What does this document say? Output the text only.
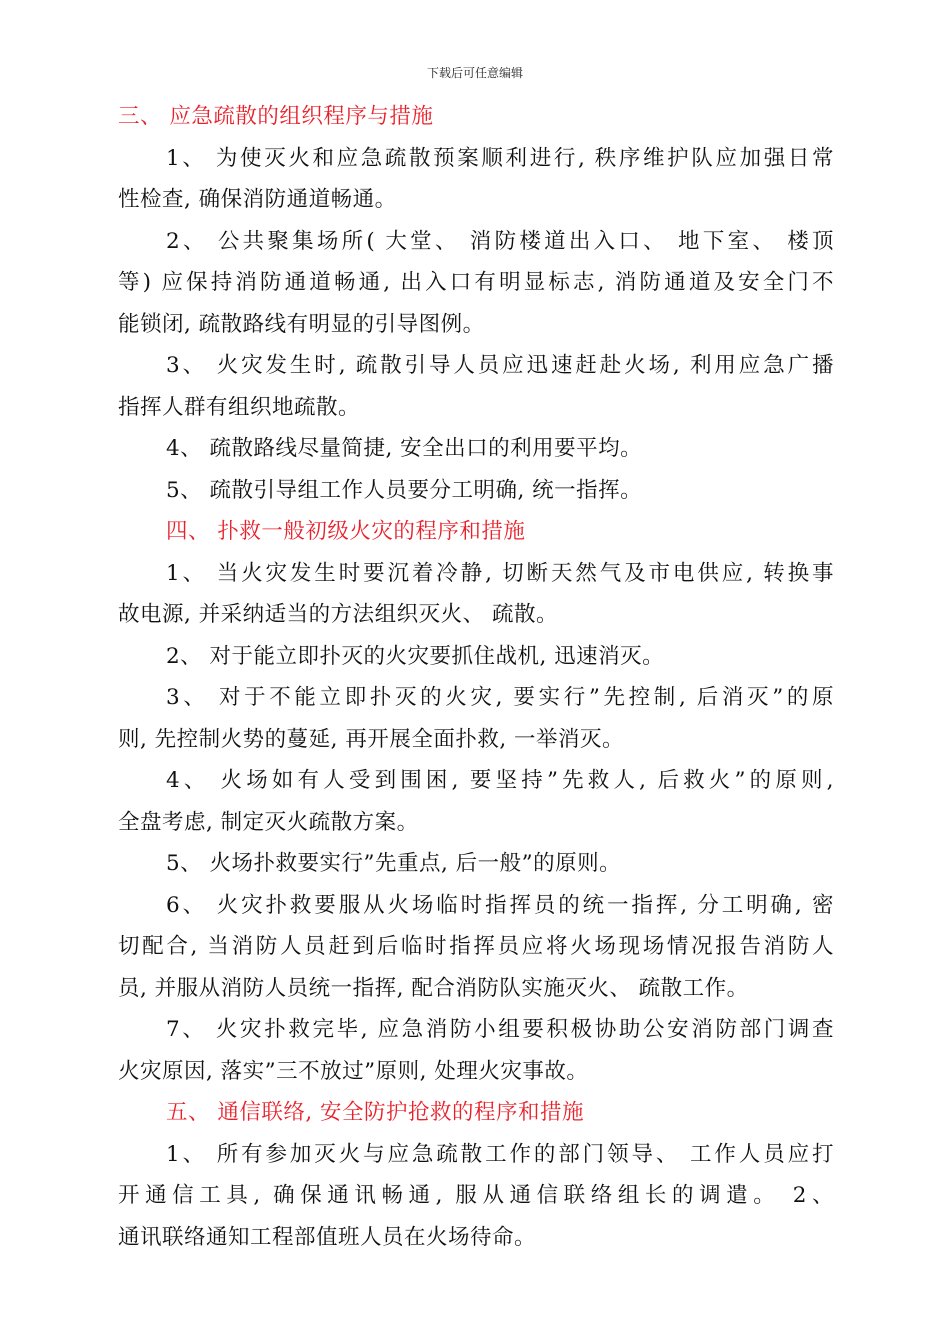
下载后可任意编辑
三、 应急疏散的组织程序与措施
1、 为使灭火和应急疏散预案顺利进行, 秩序维护队应加强日常
性检查, 确保消防通道畅通。
2、 公共聚集场所( 大堂、 消防楼道出入口、 地下室、 楼顶
等) 应保持消防通道畅通, 出入口有明显标志, 消防通道及安全门不
能锁闭, 疏散路线有明显的引导图例。
3、 火灾发生时, 疏散引导人员应迅速赶赴火场, 利用应急广播
指挥人群有组织地疏散。
4、 疏散路线尽量简捷, 安全出口的利用要平均。
5、 疏散引导组工作人员要分工明确, 统一指挥。
四、 扑救一般初级火灾的程序和措施
1、 当火灾发生时要沉着冷静, 切断天然气及市电供应, 转换事
故电源, 并采纳适当的方法组织灭火、 疏散。
2、 对于能立即扑灭的火灾要抓住战机, 迅速消灭。
3、 对于不能立即扑灭的火灾, 要实行”先控制, 后消灭”的原
则, 先控制火势的蔓延, 再开展全面扑救, 一举消灭。
4、 火场如有人受到围困, 要坚持”先救人, 后救火”的原则,
全盘考虑, 制定灭火疏散方案。
5、 火场扑救要实行”先重点, 后一般”的原则。
6、 火灾扑救要服从火场临时指挥员的统一指挥, 分工明确, 密
切配合, 当消防人员赶到后临时指挥员应将火场现场情况报告消防人
员, 并服从消防人员统一指挥, 配合消防队实施灭火、 疏散工作。
7、 火灾扑救完毕, 应急消防小组要积极协助公安消防部门调查
火灾原因, 落实”三不放过”原则, 处理火灾事故。
五、 通信联络, 安全防护抢救的程序和措施
1、 所有参加灭火与应急疏散工作的部门领导、 工作人员应打
开通信工具, 确保通讯畅通, 服从通信联络组长的调遣。 2、
通讯联络通知工程部值班人员在火场待命。
